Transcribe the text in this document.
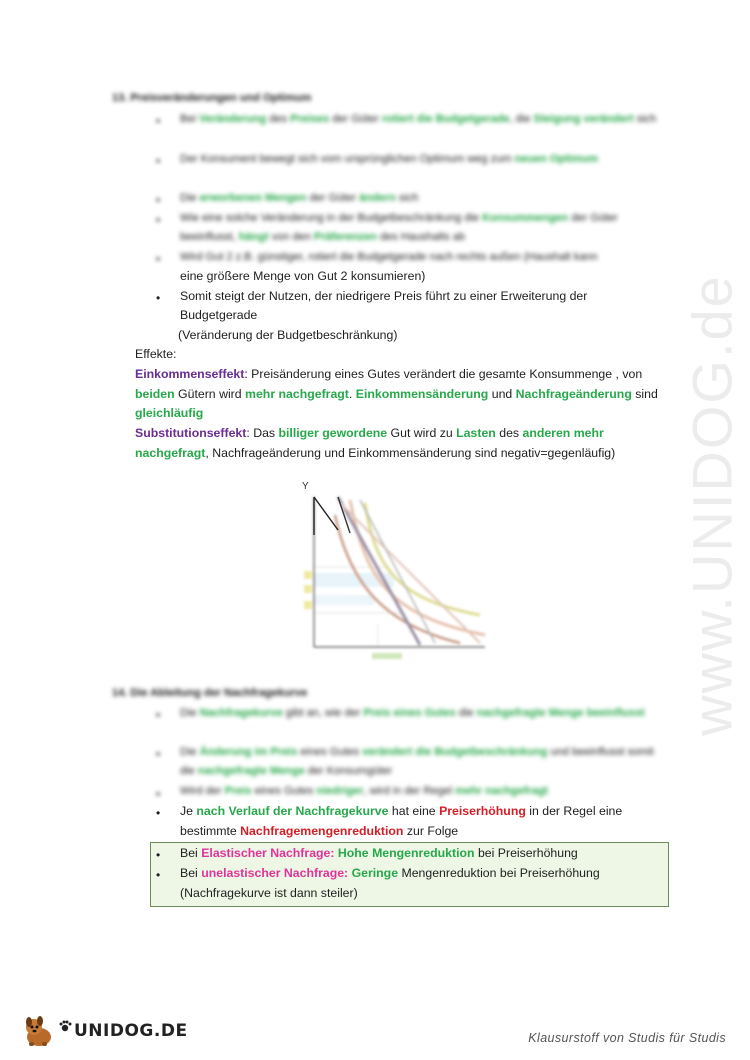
www.UNIDOG.de
13. Preisveränderungen und Optimum
• Bei Veränderung des Preises der Güter rotiert die Budgetgerade, die Steigung verändert sich
• Der Konsument bewegt sich vom ursprünglichen Optimum weg zum neuen Optimum
• Die erworbenen Mengen der Güter ändern sich
• Wie eine solche Veränderung in der Budgetbeschränkung die Konsummengen der Güter beeinflusst, hängt von den Präferenzen des Haushalts ab
• Wird Gut 2 z.B. günstiger, rotiert die Budgetgerade nach rechts außen (Haushalt kann
eine größere Menge von Gut 2 konsumieren)
• Somit steigt der Nutzen, der niedrigere Preis führt zu einer Erweiterung der
Budgetgerade
(Veränderung der Budgetbeschränkung)
Effekte:
Einkommenseffekt: Preisänderung eines Gutes verändert die gesamte Konsummenge , von
beiden Gütern wird mehr nachgefragt. Einkommensänderung und Nachfrageänderung sind
gleichläufig
Substitutionseffekt: Das billiger gewordene Gut wird zu Lasten des anderen mehr
nachgefragt, Nachfrageänderung und Einkommensänderung sind negativ=gegenläufig)
Y
14. Die Ableitung der Nachfragekurve
• Die Nachfragekurve gibt an, wie der Preis eines Gutes die nachgefragte Menge beeinflusst
• Die Änderung im Preis eines Gutes verändert die Budgetbeschränkung und beeinflusst somit die nachgefragte Menge der Konsumgüter
• Wird der Preis eines Gutes niedriger, wird in der Regel mehr nachgefragt
• Je nach Verlauf der Nachfragekurve hat eine Preiserhöhung in der Regel eine
bestimmte Nachfragemengenreduktion zur Folge
• Bei Elastischer Nachfrage: Hohe Mengenreduktion bei Preiserhöhung
• Bei unelastischer Nachfrage: Geringe Mengenreduktion bei Preiserhöhung
(Nachfragekurve ist dann steiler)
UNIDOG.DE	Klausurstoff von Studis für Studis
